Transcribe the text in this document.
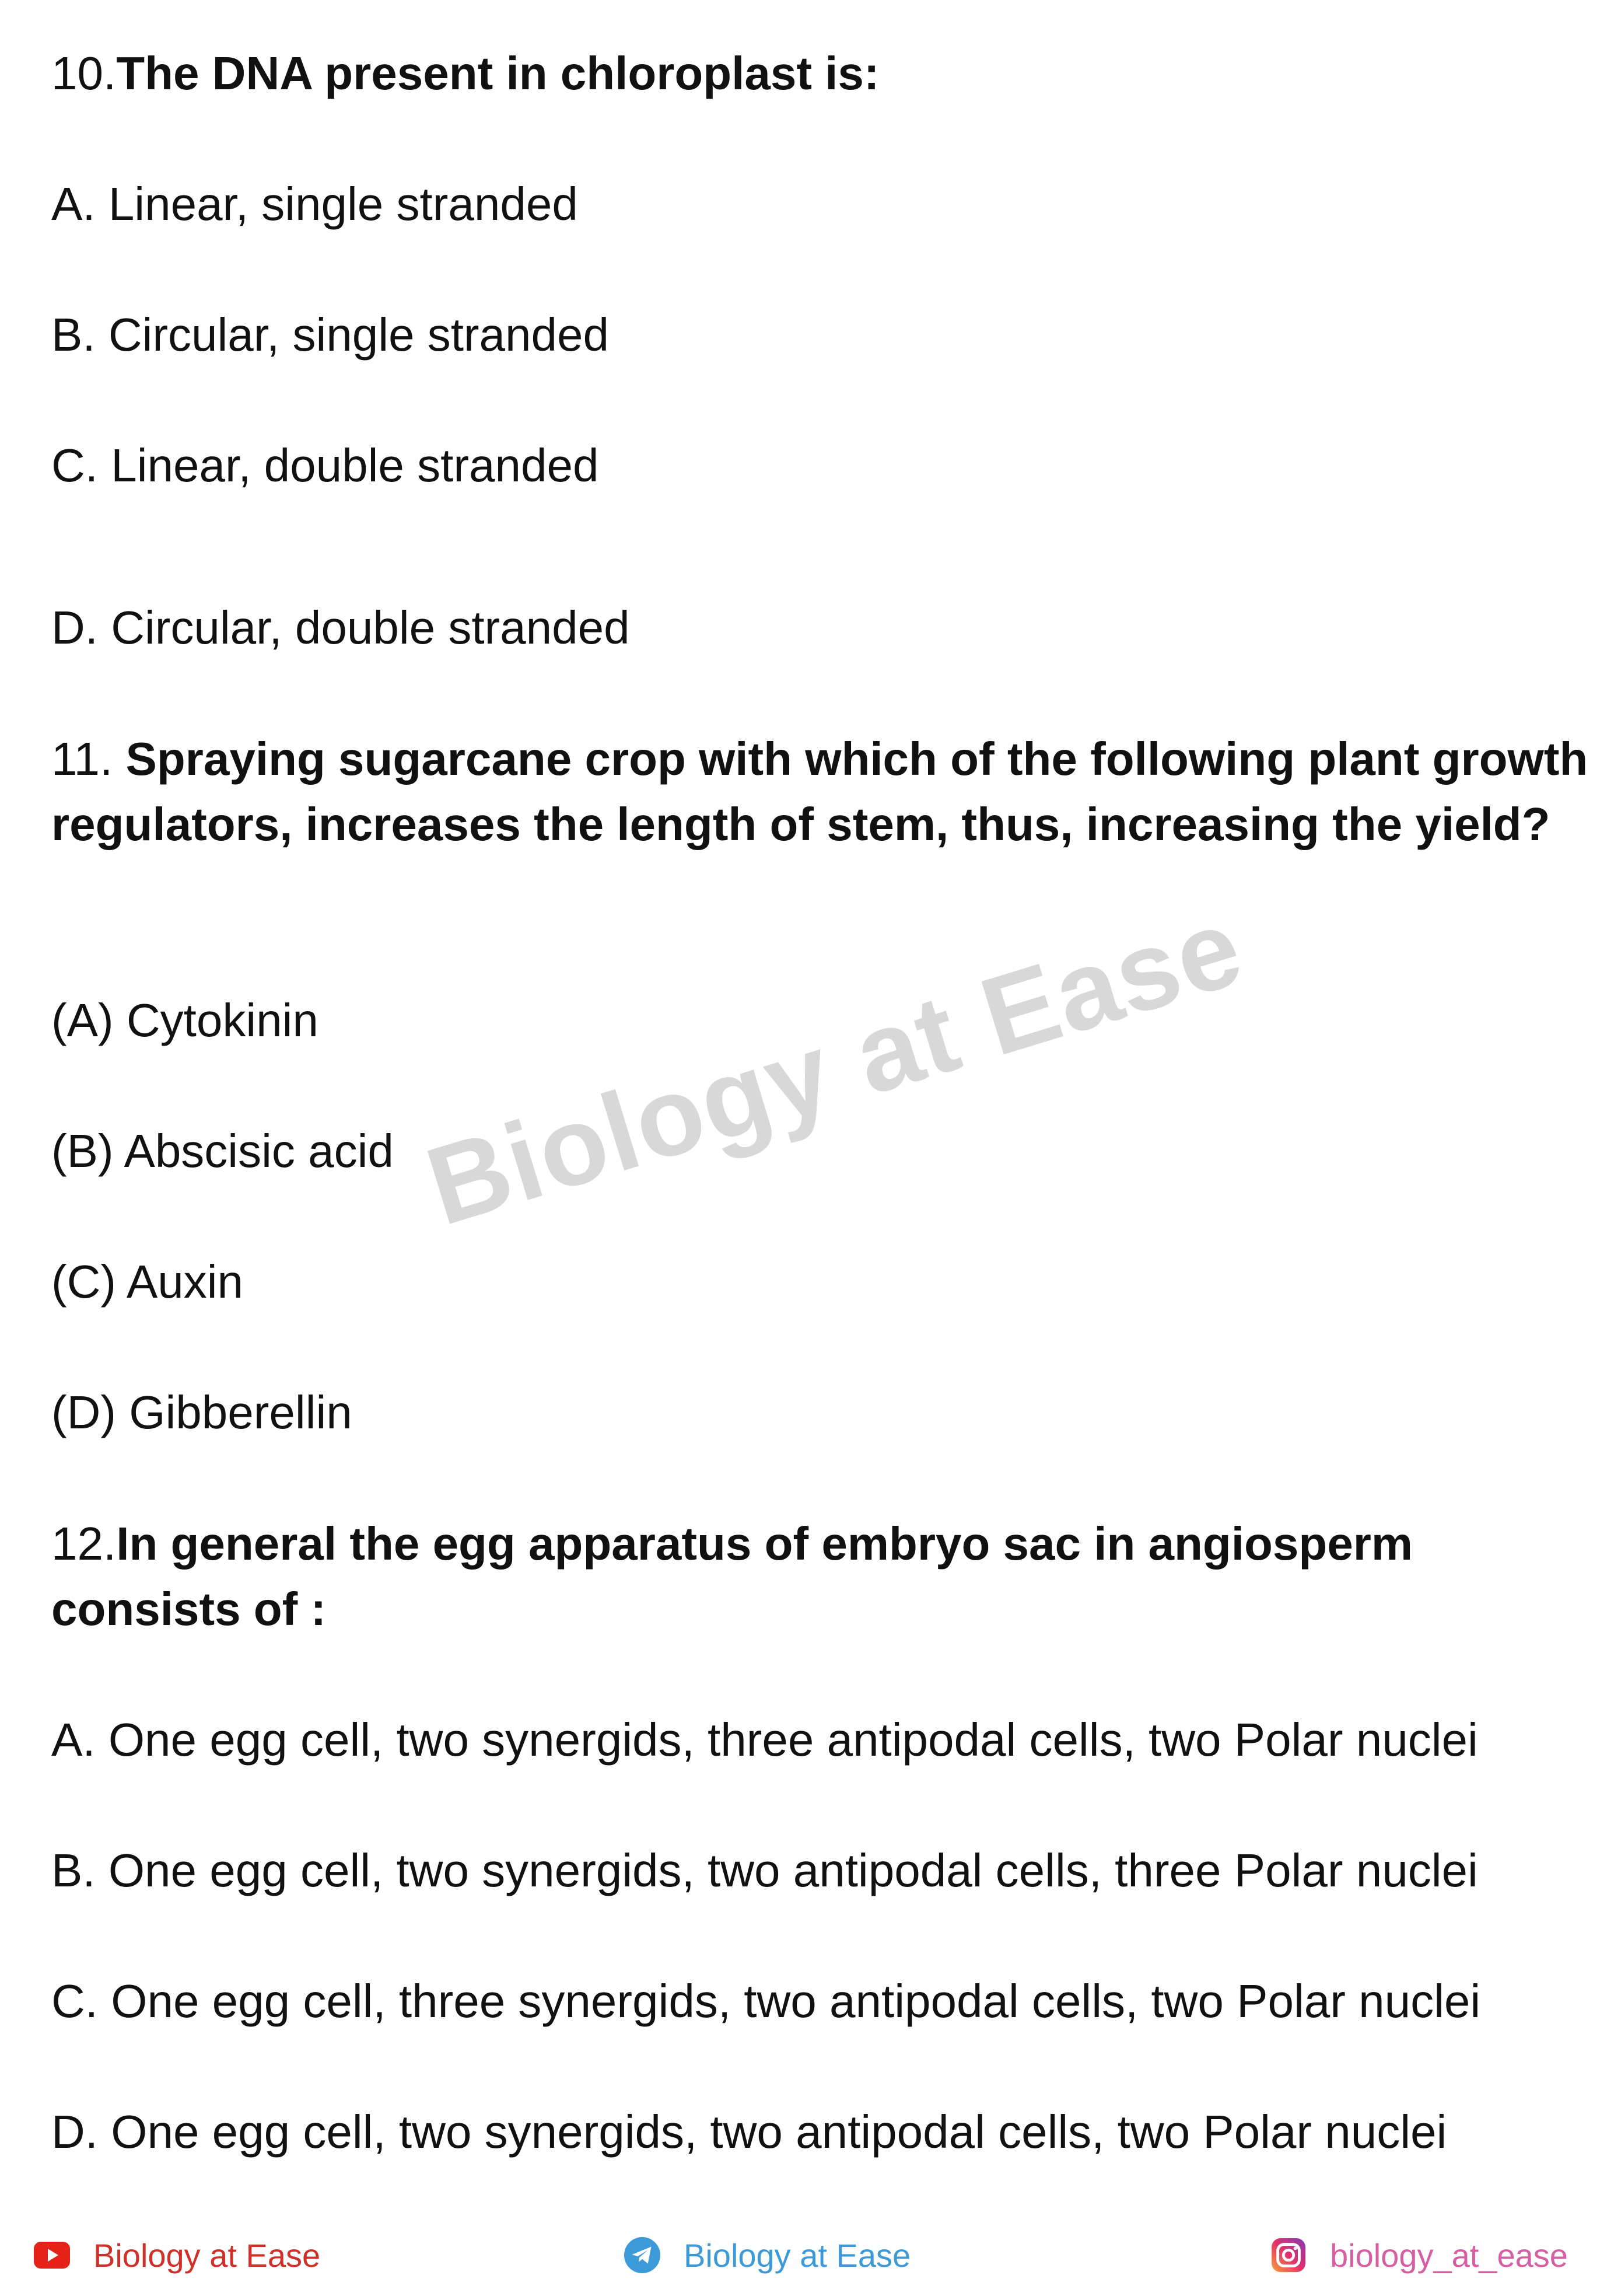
10.The DNA present in chloroplast is:

A. Linear, single stranded

B. Circular, single stranded

C. Linear, double stranded

D. Circular, double stranded

11. Spraying sugarcane crop with which of the following plant growth regulators, increases the length of stem, thus, increasing the yield?

(A) Cytokinin

(B) Abscisic acid

(C) Auxin

(D) Gibberellin

12.In general the egg apparatus of embryo sac in angiosperm consists of :

A. One egg cell, two synergids, three antipodal cells, two Polar nuclei

B. One egg cell, two synergids, two antipodal cells, three Polar nuclei

C. One egg cell, three synergids, two antipodal cells, two Polar nuclei

D. One egg cell, two synergids, two antipodal cells, two Polar nuclei

Biology at Ease
Biology at Ease	Biology at Ease	biology_at_ease
